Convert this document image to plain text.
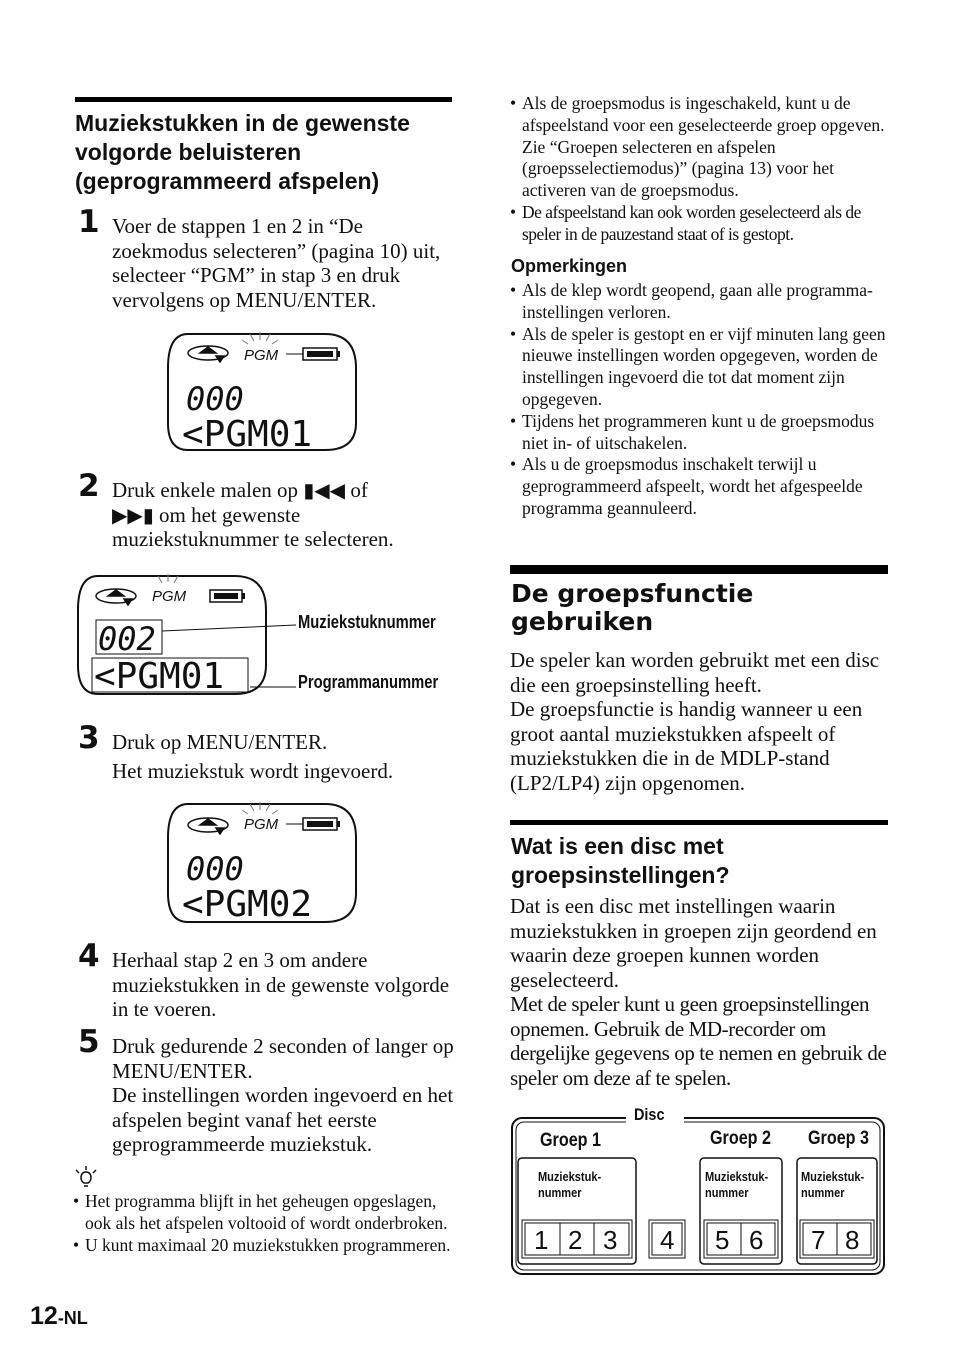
Muziekstukken in de gewenste volgorde beluisteren (geprogrammeerd afspelen)
1 Voer de stappen 1 en 2 in “De zoekmodus selecteren” (pagina 10) uit, selecteer “PGM” in stap 3 en druk vervolgens op MENU/ENTER.
PGM
000
<PGM01
2 Druk enkele malen op ▮◀◀ of
▶▶▮ om het gewenste muziekstuknummer te selecteren.
PGM
002
<PGM01
Muziekstuknummer
Programmanummer
3 Druk op MENU/ENTER.
Het muziekstuk wordt ingevoerd.
PGM
000
<PGM02
4 Herhaal stap 2 en 3 om andere muziekstukken in de gewenste volgorde in te voeren.
5 Druk gedurende 2 seconden of langer op MENU/ENTER.
De instellingen worden ingevoerd en het afspelen begint vanaf het eerste geprogrammeerde muziekstuk.
• Het programma blijft in het geheugen opgeslagen, ook als het afspelen voltooid of wordt onderbroken.
• U kunt maximaal 20 muziekstukken programmeren.
12-NL
• Als de groepsmodus is ingeschakeld, kunt u de afspeelstand voor een geselecteerde groep opgeven. Zie “Groepen selecteren en afspelen (groepsselectiemodus)” (pagina 13) voor het activeren van de groepsmodus.
• De afspeelstand kan ook worden geselecteerd als de speler in de pauzestand staat of is gestopt.
Opmerkingen
• Als de klep wordt geopend, gaan alle programma-instellingen verloren.
• Als de speler is gestopt en er vijf minuten lang geen nieuwe instellingen worden opgegeven, worden de instellingen ingevoerd die tot dat moment zijn opgegeven.
• Tijdens het programmeren kunt u de groepsmodus niet in- of uitschakelen.
• Als u de groepsmodus inschakelt terwijl u geprogrammeerd afspeelt, wordt het afgespeelde programma geannuleerd.
De groepsfunctie
gebruiken
De speler kan worden gebruikt met een disc die een groepsinstelling heeft.
De groepsfunctie is handig wanneer u een groot aantal muziekstukken afspeelt of muziekstukken die in de MDLP-stand (LP2/LP4) zijn opgenomen.
Wat is een disc met groepsinstellingen?
Dat is een disc met instellingen waarin muziekstukken in groepen zijn geordend en waarin deze groepen kunnen worden geselecteerd.
Met de speler kunt u geen groepsinstellingen opnemen. Gebruik de MD-recorder om dergelijke gegevens op te nemen en gebruik de speler om deze af te spelen.
Disc
Groep 1	Groep 2 Groep 3
Muziekstuk-
nummer
1 2 3 4
Muziekstuk-
nummer
5 6
Muziekstuk-
nummer
7 8
